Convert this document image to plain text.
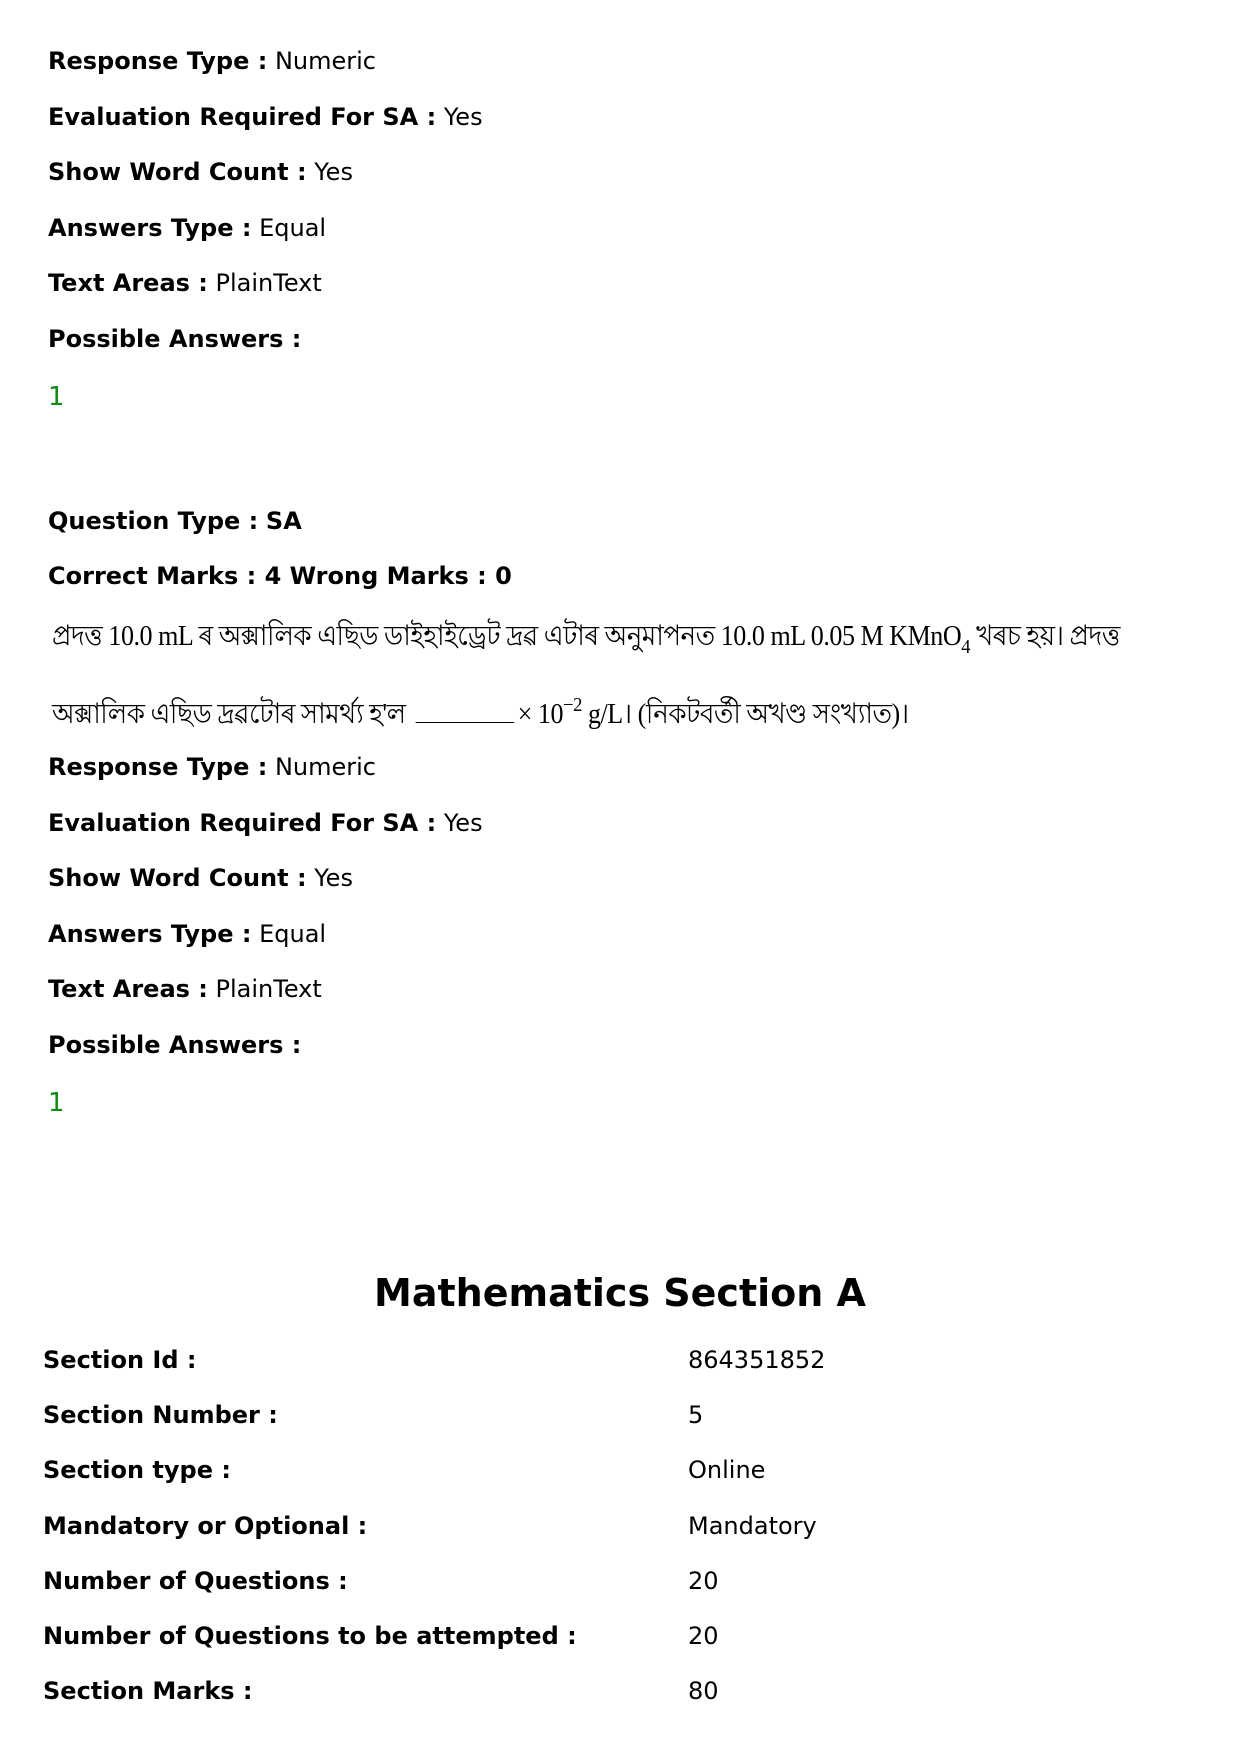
Response Type : Numeric
Evaluation Required For SA : Yes
Show Word Count : Yes
Answers Type : Equal
Text Areas : PlainText
Possible Answers :
1
Question Type : SA
Correct Marks : 4 Wrong Marks : 0
প্ৰদত্ত 10.0 mL ৰ অক্সালিক এছিড ডাইহাইড্ৰেট দ্ৰৱ এটাৰ অনুমাপনত 10.0 mL 0.05 M KMnO$_4$ খৰচ হয়। প্ৰদত্ত
অক্সালিক এছিড দ্ৰৱটোৰ সামৰ্থ্য হ'ল	× $10^{-2}$ g/L। (নিকটবৰ্তী অখণ্ড সংখ্যাত)।
Response Type : Numeric
Evaluation Required For SA : Yes
Show Word Count : Yes
Answers Type : Equal
Text Areas : PlainText
Possible Answers :
1
Mathematics Section A
Section Id :	864351852
Section Number :	5
Section type :	Online
Mandatory or Optional :	Mandatory
Number of Questions :	20
Number of Questions to be attempted :	20
Section Marks :	80
